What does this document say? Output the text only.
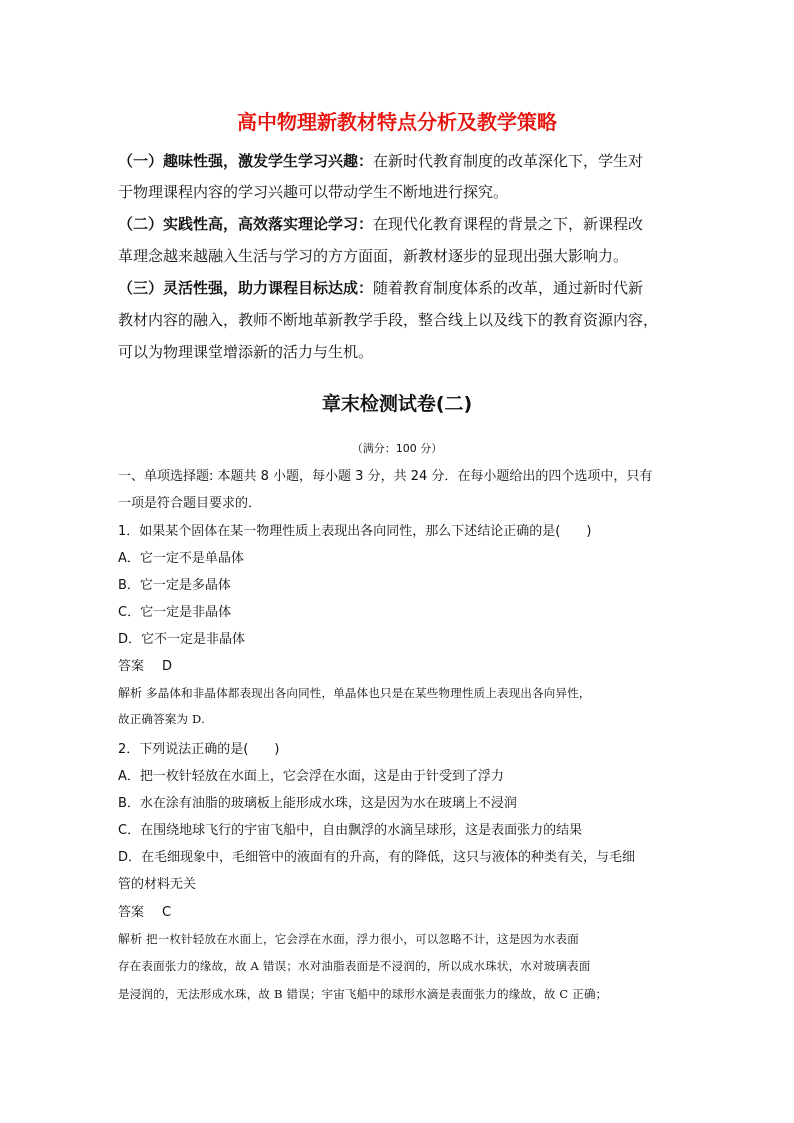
高中物理新教材特点分析及教学策略
（一）趣味性强，激发学生学习兴趣：在新时代教育制度的改革深化下，学生对
于物理课程内容的学习兴趣可以带动学生不断地进行探究。
（二）实践性高，高效落实理论学习：在现代化教育课程的背景之下，新课程改
革理念越来越融入生活与学习的方方面面，新教材逐步的显现出强大影响力。
（三）灵活性强，助力课程目标达成：随着教育制度体系的改革，通过新时代新
教材内容的融入，教师不断地革新教学手段，整合线上以及线下的教育资源内容，
可以为物理课堂增添新的活力与生机。
章末检测试卷(二)
（满分：100 分）
一、单项选择题: 本题共 8 小题，每小题 3 分，共 24 分．在每小题给出的四个选项中，只有
一项是符合题目要求的．
1．如果某个固体在某一物理性质上表现出各向同性，那么下述结论正确的是(　　)
A．它一定不是单晶体
B．它一定是多晶体
C．它一定是非晶体
D．它不一定是非晶体
答案 D
解析 多晶体和非晶体都表现出各向同性，单晶体也只是在某些物理性质上表现出各向异性，
故正确答案为 D.
2．下列说法正确的是(　　)
A．把一枚针轻放在水面上，它会浮在水面，这是由于针受到了浮力
B．水在涂有油脂的玻璃板上能形成水珠，这是因为水在玻璃上不浸润
C．在围绕地球飞行的宇宙飞船中，自由飘浮的水滴呈球形，这是表面张力的结果
D．在毛细现象中，毛细管中的液面有的升高，有的降低，这只与液体的种类有关，与毛细
管的材料无关
答案 C
解析 把一枚针轻放在水面上，它会浮在水面，浮力很小，可以忽略不计，这是因为水表面
存在表面张力的缘故，故 A 错误；水对油脂表面是不浸润的，所以成水珠状，水对玻璃表面
是浸润的，无法形成水珠，故 B 错误；宇宙飞船中的球形水滴是表面张力的缘故，故 C 正确；
